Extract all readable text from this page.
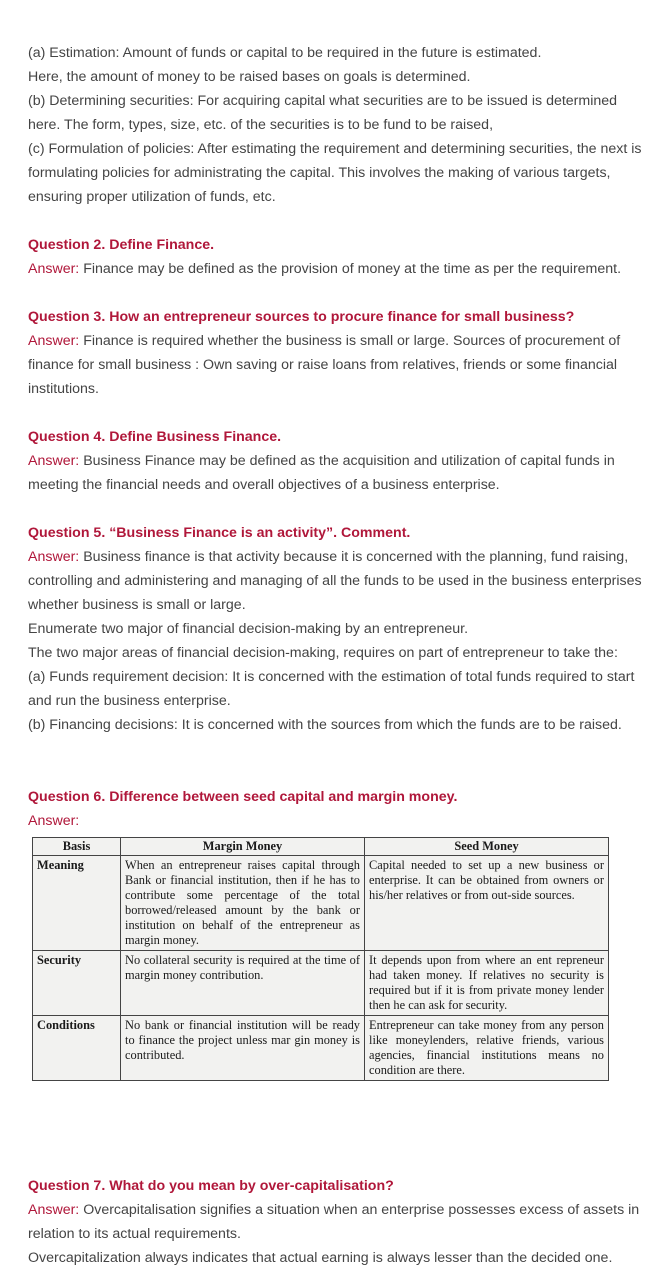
(a) Estimation: Amount of funds or capital to be required in the future is estimated.

Here, the amount of money to be raised bases on goals is determined.

(b) Determining securities: For acquiring capital what securities are to be issued is determined here. The form, types, size, etc. of the securities is to be fund to be raised,

(c) Formulation of policies: After estimating the requirement and determining securities, the next is formulating policies for administrating the capital. This involves the making of various targets, ensuring proper utilization of funds, etc.

Question 2. Define Finance.

Answer: Finance may be defined as the provision of money at the time as per the requirement.

Question 3. How an entrepreneur sources to procure finance for small business?

Answer: Finance is required whether the business is small or large. Sources of procurement of finance for small business : Own saving or raise loans from relatives, friends or some financial institutions.

Question 4. Define Business Finance.

Answer: Business Finance may be defined as the acquisition and utilization of capital funds in meeting the financial needs and overall objectives of a business enterprise.

Question 5. “Business Finance is an activity”. Comment.

Answer: Business finance is that activity because it is concerned with the planning, fund raising, controlling and administering and managing of all the funds to be used in the business enterprises whether business is small or large.

Enumerate two major of financial decision-making by an entrepreneur.

The two major areas of financial decision-making, requires on part of entrepreneur to take the:

(a) Funds requirement decision: It is concerned with the estimation of total funds required to start and run the business enterprise.

(b) Financing decisions: It is concerned with the sources from which the funds are to be raised.

Question 6. Difference between seed capital and margin money.

Answer:

Basis	Margin Money	Seed Money
Meaning	When an entrepreneur raises capital through Bank or financial institution, then if he has to contribute some percentage of the total borrowed/released amount by the bank or institution on behalf of the entrepreneur as margin money.	Capital needed to set up a new business or enterprise. It can be obtained from owners or his/her relatives or from out-side sources.
Security	No collateral security is required at the time of margin money contribution.	It depends upon from where an ent repreneur had taken money. If relatives no security is required but if it is from private money lender then he can ask for security.
Conditions	No bank or financial institution will be ready to finance the project unless mar gin money is contributed.	Entrepreneur can take money from any person like moneylenders, relative friends, various agencies, financial institutions means no condition are there.

Question 7. What do you mean by over-capitalisation?

Answer: Overcapitalisation signifies a situation when an enterprise possesses excess of assets in relation to its actual requirements.

Overcapitalization always indicates that actual earning is always lesser than the decided one.
